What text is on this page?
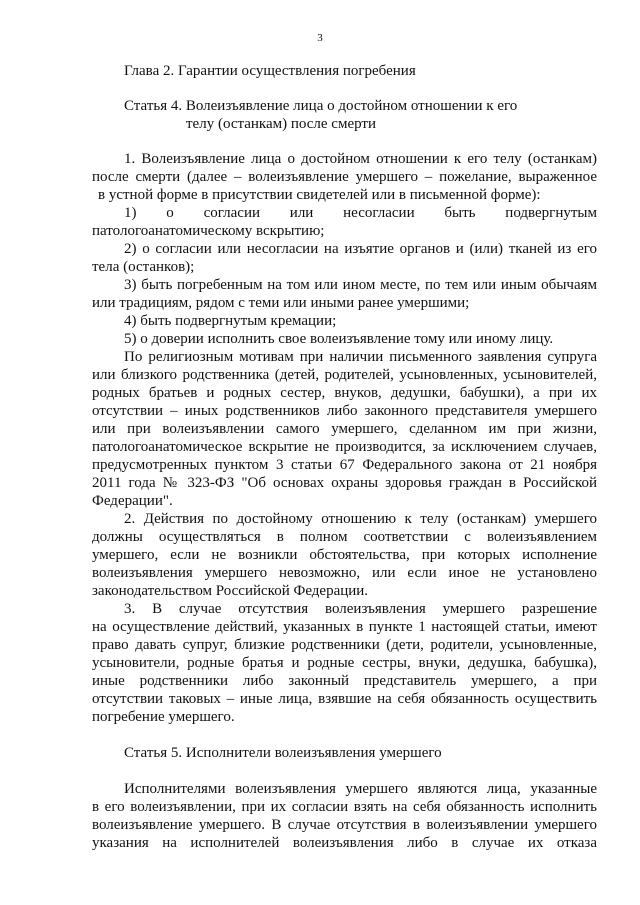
3
Глава 2. Гарантии осуществления погребения
Статья 4. Волеизъявление лица о достойном отношении к его
телу (останкам) после смерти
1. Волеизъявление лица о достойном отношении к его телу (останкам)
после смерти (далее – волеизъявление умершего – пожелание, выраженное
в устной форме в присутствии свидетелей или в письменной форме):
1) о согласии или несогласии быть подвергнутым
патологоанатомическому вскрытию;
2) о согласии или несогласии на изъятие органов и (или) тканей из его
тела (останков);
3) быть погребенным на том или ином месте, по тем или иным обычаям
или традициям, рядом с теми или иными ранее умершими;
4) быть подвергнутым кремации;
5) о доверии исполнить свое волеизъявление тому или иному лицу.
По религиозным мотивам при наличии письменного заявления супруга
или близкого родственника (детей, родителей, усыновленных, усыновителей,
родных братьев и родных сестер, внуков, дедушки, бабушки), а при их
отсутствии – иных родственников либо законного представителя умершего
или при волеизъявлении самого умершего, сделанном им при жизни,
патологоанатомическое вскрытие не производится, за исключением случаев,
предусмотренных пунктом 3 статьи 67 Федерального закона от 21 ноября
2011 года № 323-ФЗ "Об основах охраны здоровья граждан в Российской
Федерации".
2. Действия по достойному отношению к телу (останкам) умершего
должны осуществляться в полном соответствии с волеизъявлением
умершего, если не возникли обстоятельства, при которых исполнение
волеизъявления умершего невозможно, или если иное не установлено
законодательством Российской Федерации.
3. В случае отсутствия волеизъявления умершего разрешение
на осуществление действий, указанных в пункте 1 настоящей статьи, имеют
право давать супруг, близкие родственники (дети, родители, усыновленные,
усыновители, родные братья и родные сестры, внуки, дедушка, бабушка),
иные родственники либо законный представитель умершего, а при
отсутствии таковых – иные лица, взявшие на себя обязанность осуществить
погребение умершего.
Статья 5. Исполнители волеизъявления умершего
Исполнителями волеизъявления умершего являются лица, указанные
в его волеизъявлении, при их согласии взять на себя обязанность исполнить
волеизъявление умершего. В случае отсутствия в волеизъявлении умершего
указания на исполнителей волеизъявления либо в случае их отказа
